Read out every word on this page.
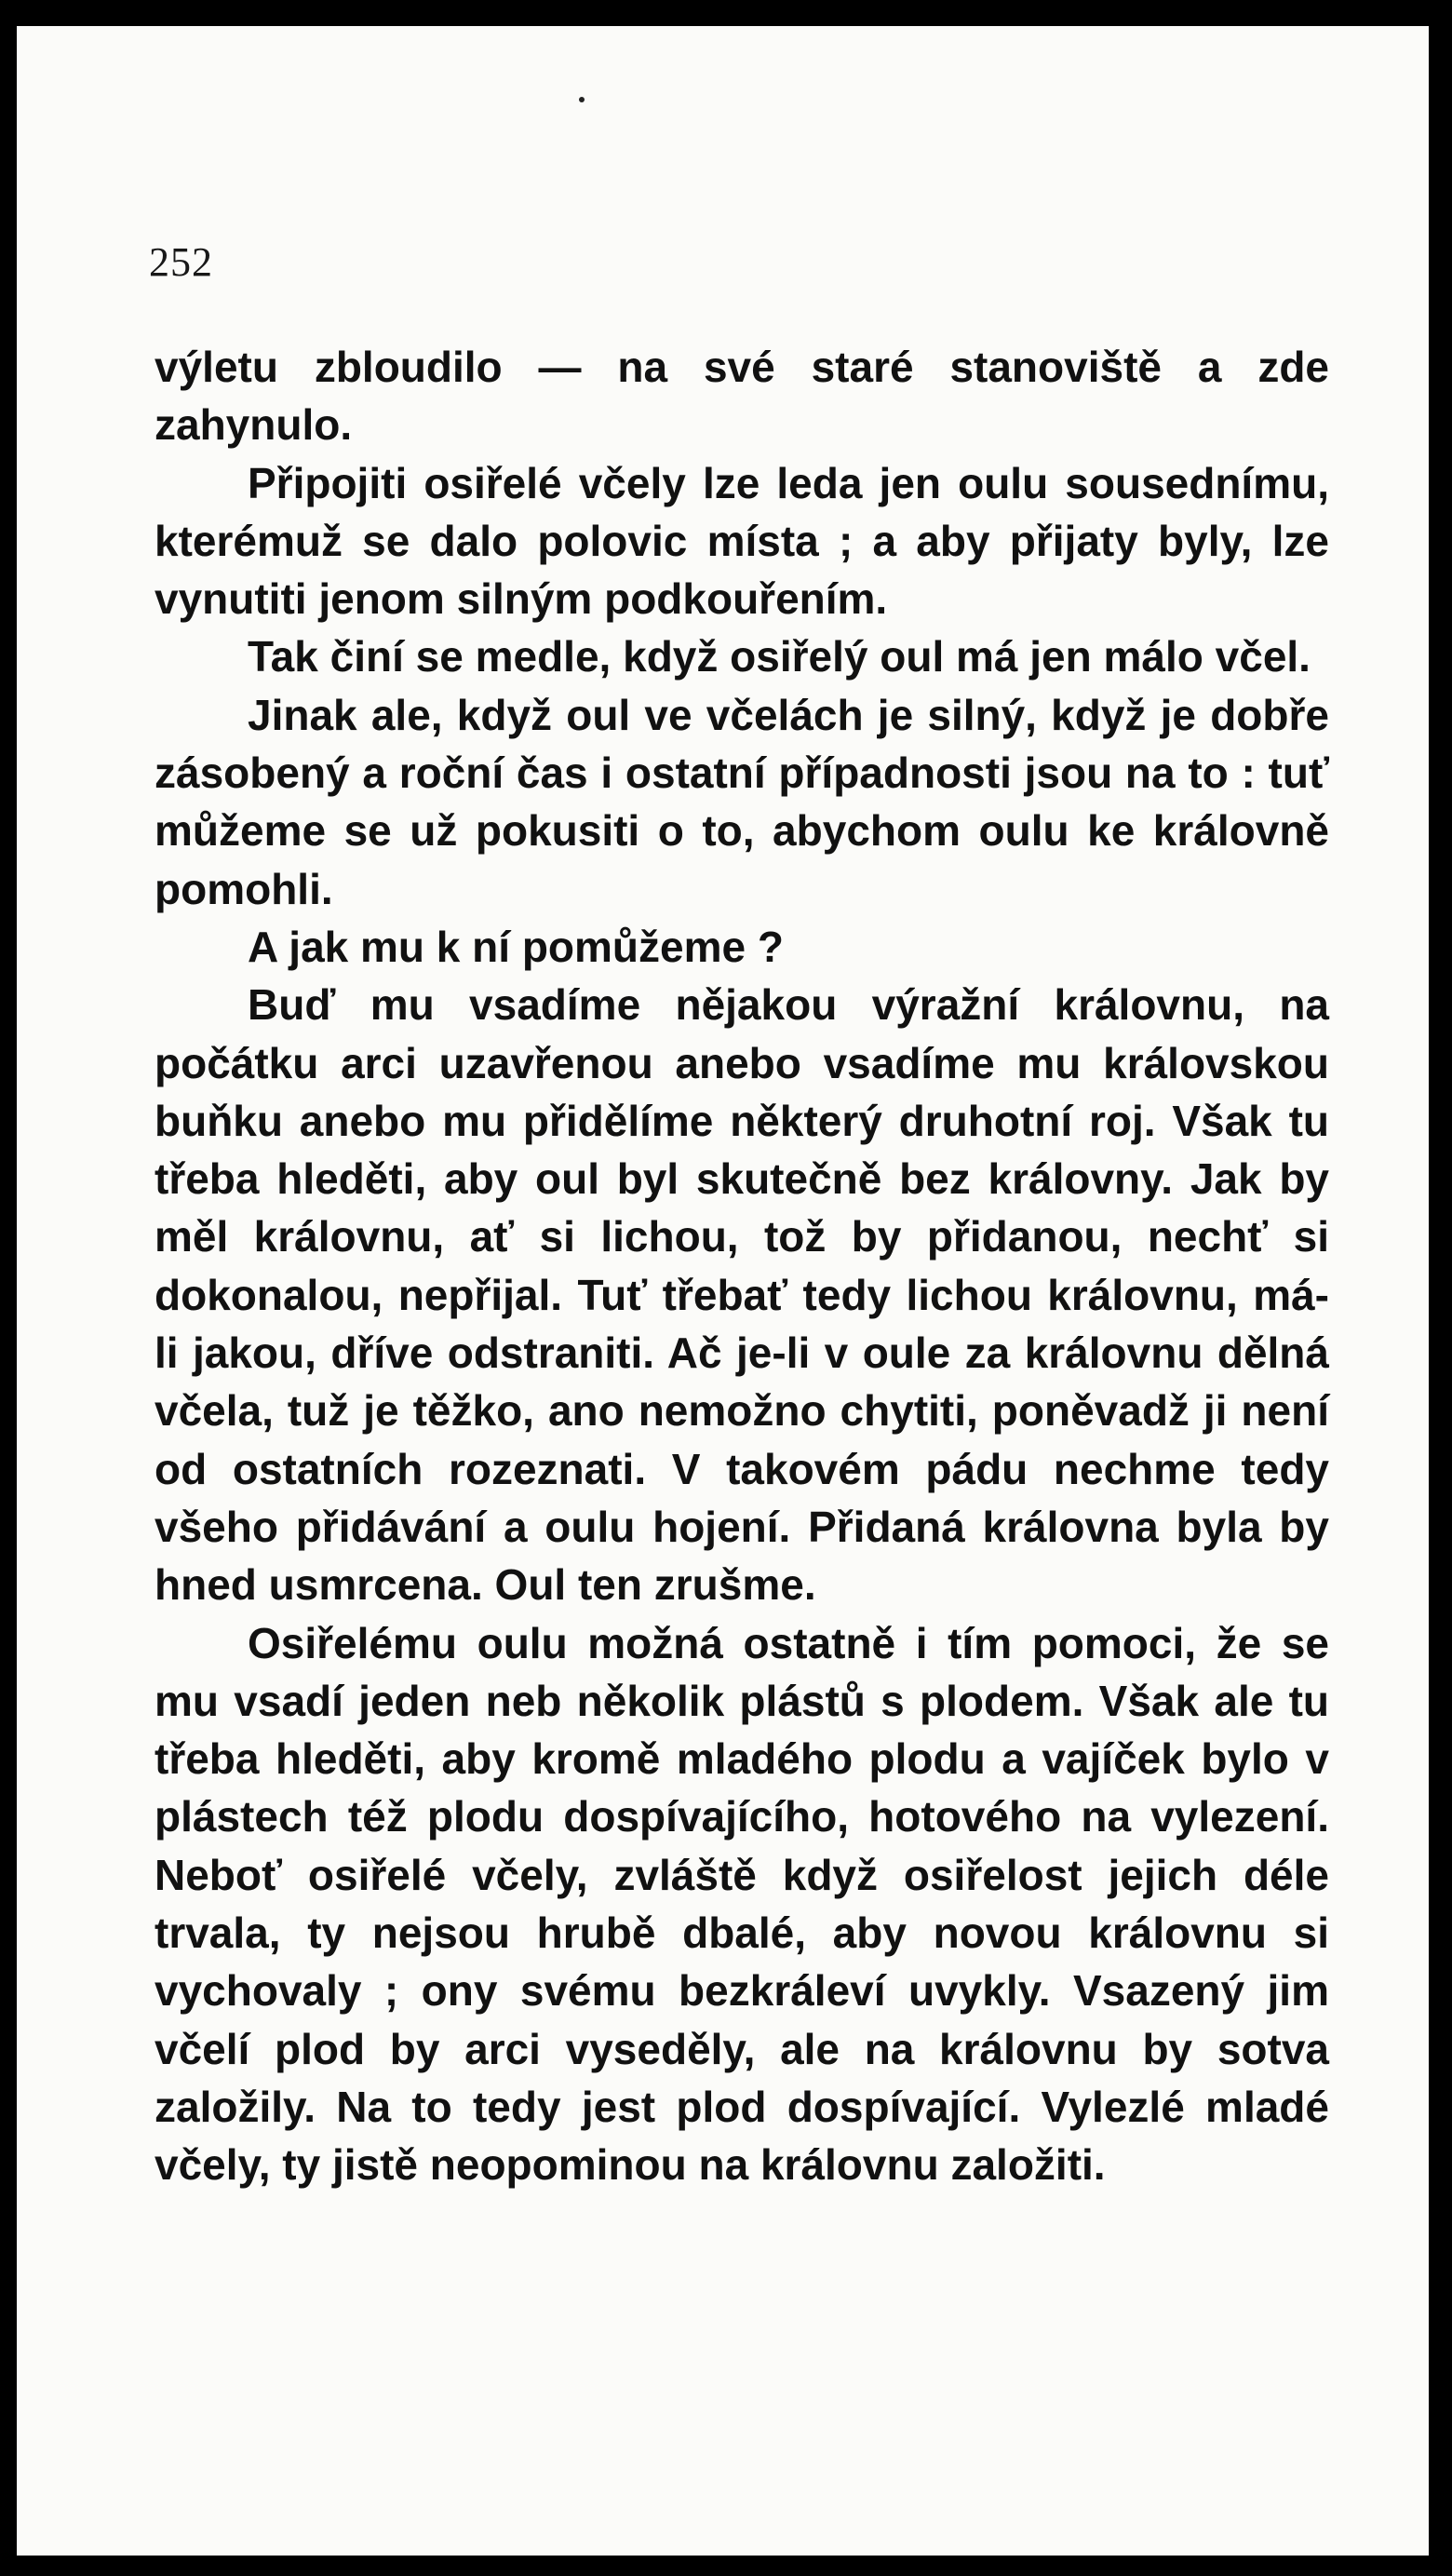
252

výletu zbloudilo — na své staré stanoviště a zde zahynulo.

Připojiti osiřelé včely lze leda jen oulu sousednímu, kterémuž se dalo polovic místa ; a aby přijaty byly, lze vynutiti jenom silným podkouřením.

Tak činí se medle, když osiřelý oul má jen málo včel.

Jinak ale, když oul ve včelách je silný, když je dobře zásobený a roční čas i ostatní případnosti jsou na to : tuť můžeme se už pokusiti o to, abychom oulu ke královně pomohli.

A jak mu k ní pomůžeme ?

Buď mu vsadíme nějakou výražní královnu, na počátku arci uzavřenou anebo vsadíme mu královskou buňku anebo mu přidělíme některý druhotní roj. Však tu třeba hleděti, aby oul byl skutečně bez královny. Jak by měl královnu, ať si lichou, tož by přidanou, nechť si dokonalou, nepřijal. Tuť třebať tedy lichou královnu, má-li jakou, dříve odstraniti. Ač je-li v oule za královnu dělná včela, tuž je těžko, ano nemožno chytiti, poněvadž ji není od ostatních rozeznati. V takovém pádu nechme tedy všeho přidávání a oulu hojení. Přidaná královna byla by hned usmrcena. Oul ten zrušme.

Osiřelému oulu možná ostatně i tím pomoci, že se mu vsadí jeden neb několik plástů s plodem. Však ale tu třeba hleděti, aby kromě mladého plodu a vajíček bylo v plástech též plodu dospívajícího, hotového na vylezení. Neboť osiřelé včely, zvláště když osiřelost jejich déle trvala, ty nejsou hrubě dbalé, aby novou královnu si vychovaly ; ony svému bezkráleví uvykly. Vsazený jim včelí plod by arci vyseděly, ale na královnu by sotva založily. Na to tedy jest plod dospívající. Vylezlé mladé včely, ty jistě neopominou na královnu založiti.
